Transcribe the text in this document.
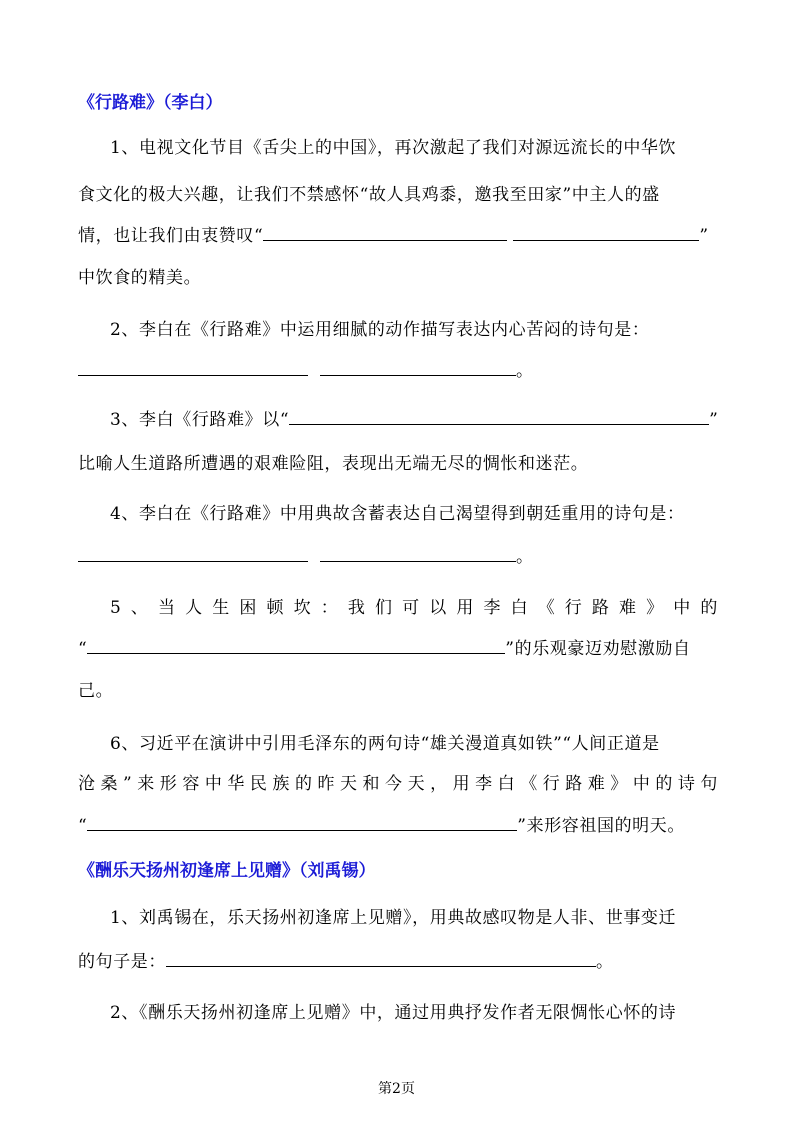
《行路难》（李白）
1、电视文化节目《舌尖上的中国》，再次激起了我们对源远流长的中华饮
食文化的极大兴趣，让我们不禁感怀“故人具鸡黍，邀我至田家”中主人的盛
情，也让我们由衷赞叹“	”
中饮食的精美。
2、李白在《行路难》中运用细腻的动作描写表达内心苦闷的诗句是：
。
3、李白《行路难》以“	”
比喻人生道路所遭遇的艰难险阻，表现出无端无尽的惆怅和迷茫。
4、李白在《行路难》中用典故含蓄表达自己渴望得到朝廷重用的诗句是：
。
5、当人生困顿坎：我们可以用李白《行路难》中的
“	”的乐观豪迈劝慰激励自
己。
6、习近平在演讲中引用毛泽东的两句诗“雄关漫道真如铁”“人间正道是
沧桑”来形容中华民族的昨天和今天，用李白《行路难》中的诗句
“	”来形容祖国的明天。
《酬乐天扬州初逢席上见赠》（刘禹锡）
1、刘禹锡在，乐天扬州初逢席上见赠》，用典故感叹物是人非、世事变迁
的句子是：	。
2、《酬乐天扬州初逢席上见赠》中，通过用典抒发作者无限惆怅心怀的诗
第2页
